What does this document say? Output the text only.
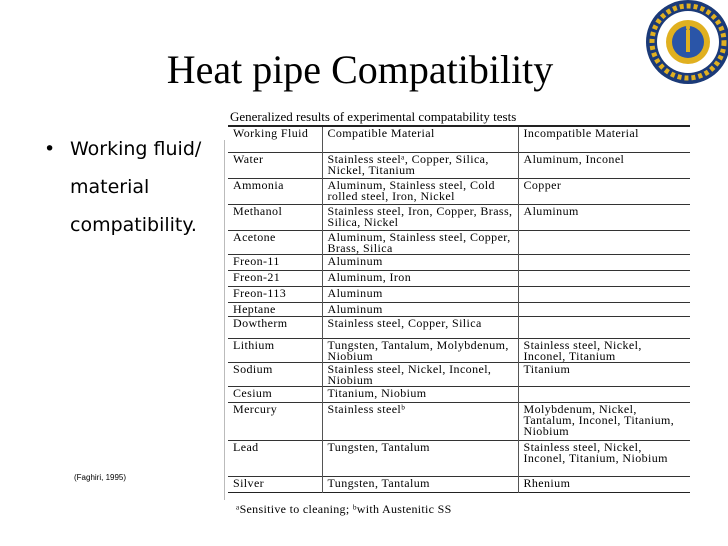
Heat pipe Compatibility
• Working fluid/
material
compatibility.
(Faghiri, 1995)
Generalized results of experimental compatability tests
Working Fluid	Compatible Material	Incompatible Material
Water	Stainless steelᵃ, Copper, Silica, Nickel, Titanium	Aluminum, Inconel
Ammonia	Aluminum, Stainless steel, Cold rolled steel, Iron, Nickel	Copper
Methanol	Stainless steel, Iron, Copper, Brass, Silica, Nickel	Aluminum
Acetone	Aluminum, Stainless steel, Copper, Brass, Silica	
Freon-11	Aluminum	
Freon-21	Aluminum, Iron	
Freon-113	Aluminum	
Heptane	Aluminum	
Dowtherm	Stainless steel, Copper, Silica	
Lithium	Tungsten, Tantalum, Molybdenum, Niobium	Stainless steel, Nickel, Inconel, Titanium
Sodium	Stainless steel, Nickel, Inconel, Niobium	Titanium
Cesium	Titanium, Niobium	
Mercury	Stainless steelᵇ	Molybdenum, Nickel, Tantalum, Inconel, Titanium, Niobium
Lead	Tungsten, Tantalum	Stainless steel, Nickel, Inconel, Titanium, Niobium
Silver	Tungsten, Tantalum	Rhenium
ᵃSensitive to cleaning; ᵇwith Austenitic SS
